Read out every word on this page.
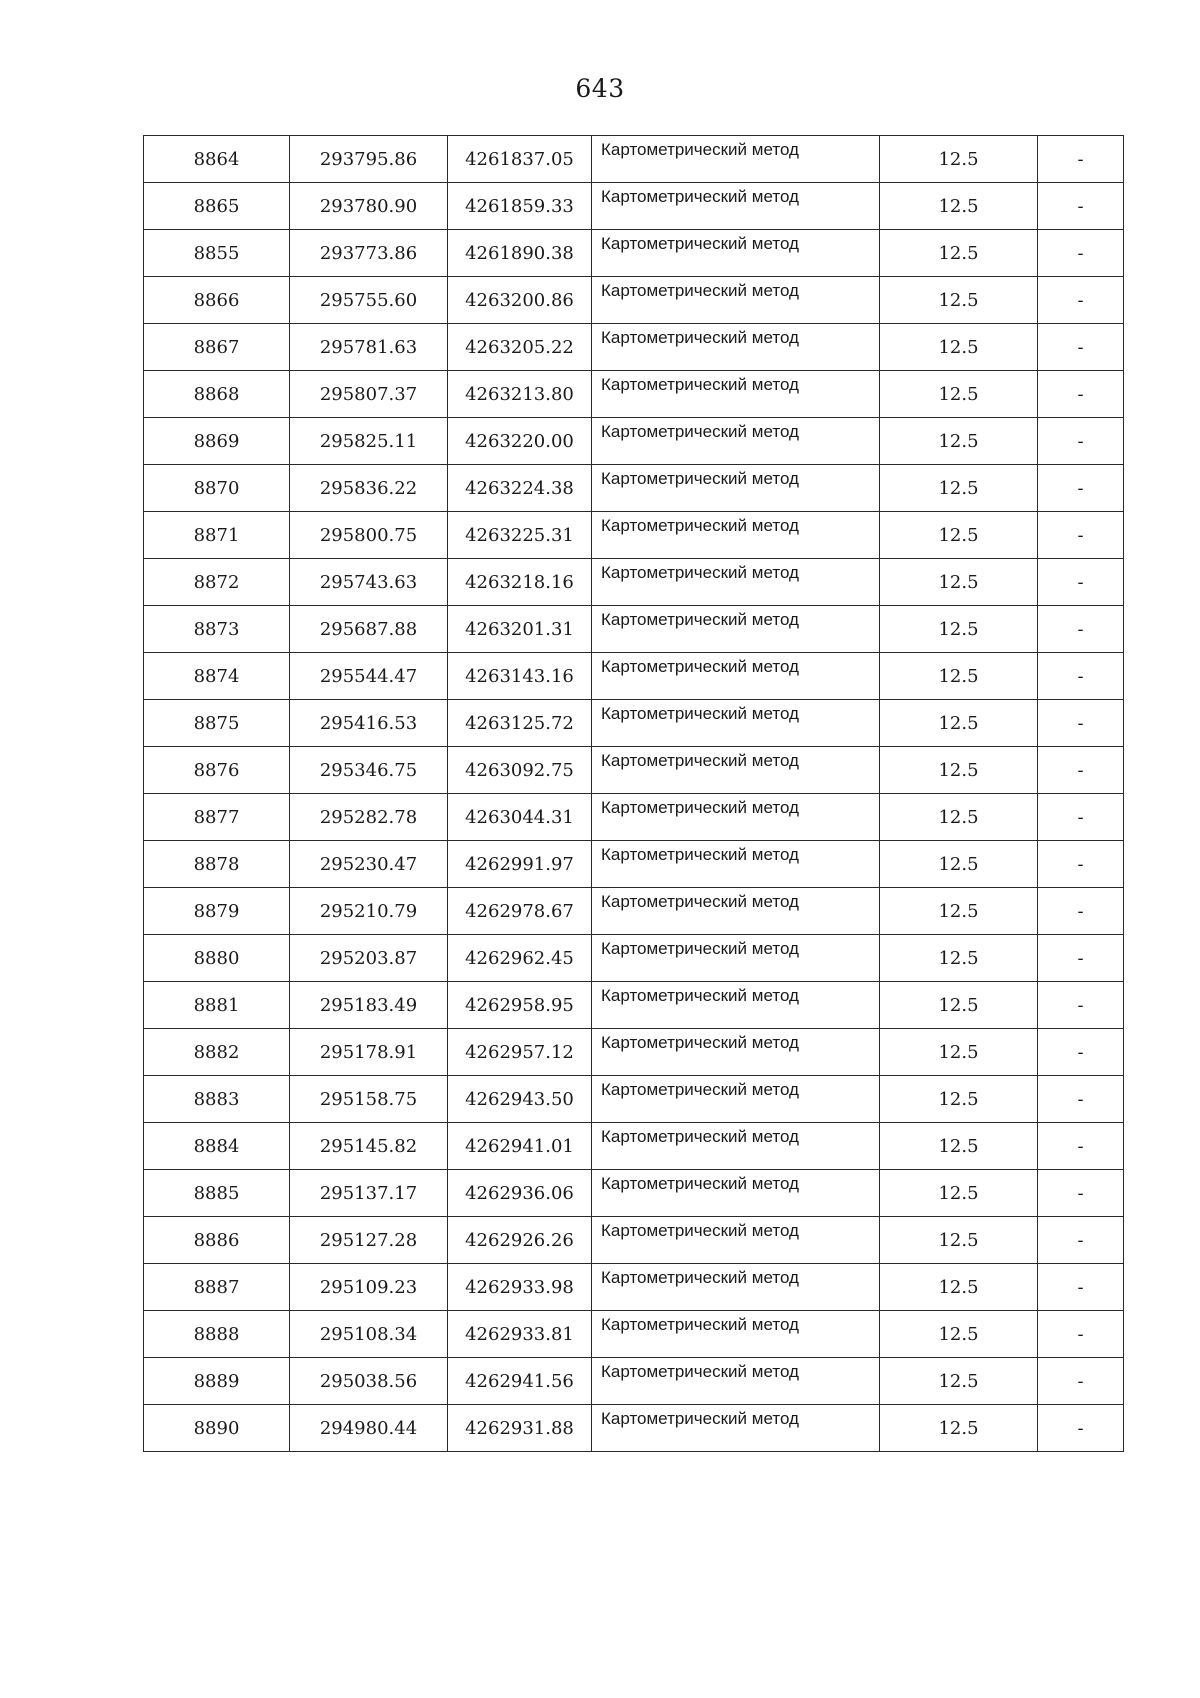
643
8864	293795.86	4261837.05	Картометрический метод	12.5	-
8865	293780.90	4261859.33	Картометрический метод	12.5	-
8855	293773.86	4261890.38	Картометрический метод	12.5	-
8866	295755.60	4263200.86	Картометрический метод	12.5	-
8867	295781.63	4263205.22	Картометрический метод	12.5	-
8868	295807.37	4263213.80	Картометрический метод	12.5	-
8869	295825.11	4263220.00	Картометрический метод	12.5	-
8870	295836.22	4263224.38	Картометрический метод	12.5	-
8871	295800.75	4263225.31	Картометрический метод	12.5	-
8872	295743.63	4263218.16	Картометрический метод	12.5	-
8873	295687.88	4263201.31	Картометрический метод	12.5	-
8874	295544.47	4263143.16	Картометрический метод	12.5	-
8875	295416.53	4263125.72	Картометрический метод	12.5	-
8876	295346.75	4263092.75	Картометрический метод	12.5	-
8877	295282.78	4263044.31	Картометрический метод	12.5	-
8878	295230.47	4262991.97	Картометрический метод	12.5	-
8879	295210.79	4262978.67	Картометрический метод	12.5	-
8880	295203.87	4262962.45	Картометрический метод	12.5	-
8881	295183.49	4262958.95	Картометрический метод	12.5	-
8882	295178.91	4262957.12	Картометрический метод	12.5	-
8883	295158.75	4262943.50	Картометрический метод	12.5	-
8884	295145.82	4262941.01	Картометрический метод	12.5	-
8885	295137.17	4262936.06	Картометрический метод	12.5	-
8886	295127.28	4262926.26	Картометрический метод	12.5	-
8887	295109.23	4262933.98	Картометрический метод	12.5	-
8888	295108.34	4262933.81	Картометрический метод	12.5	-
8889	295038.56	4262941.56	Картометрический метод	12.5	-
8890	294980.44	4262931.88	Картометрический метод	12.5	-
